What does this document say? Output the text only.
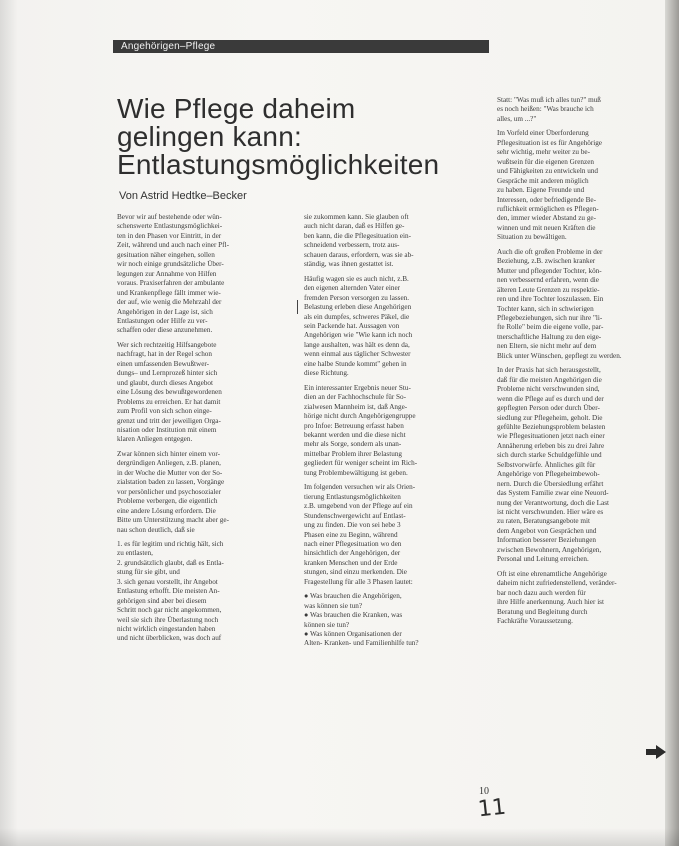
Angehörigen–Pflege
Wie Pflege daheim
gelingen kann:
Entlastungsmöglichkeiten
Von Astrid Hedtke–Becker

Bevor wir auf bestehende oder wün-
schenswerte Entlastungsmöglichkei-
ten in den Phasen vor Eintritt, in der
Zeit, während und auch nach einer Pfl-
gesituation näher eingehen, sollen
wir noch einige grundsätzliche Über-
legungen zur Annahme von Hilfen
voraus. Praxiserfahren der ambulante
und Krankenpflege fällt immer wie-
der auf, wie wenig die Mehrzahl der
Angehörigen in der Lage ist, sich
Entlastungen oder Hilfe zu ver-
schaffen oder diese anzunehmen.

Wer sich rechtzeitig Hilfsangebote
nachfragt, hat in der Regel schon
einen umfassenden Bewußtwer-
dungs– und Lernprozeß hinter sich
und glaubt, durch dieses Angebot
eine Lösung des bewußtgewordenen
Problems zu erreichen. Er hat damit
zum Profil von sich schon einge-
grenzt und tritt der jeweiligen Orga-
nisation oder Institution mit einem
klaren Anliegen entgegen.

Zwar können sich hinter einem vor-
dergründigen Anliegen, z.B. planen,
in der Woche die Mutter von der So-
zialstation baden zu lassen, Vorgänge
vor persönlicher und psychosozialer
Probleme verbergen, die eigentlich
eine andere Lösung erfordern. Die
Bitte um Unterstützung macht aber ge-
nau schon deutlich, daß sie

1. es für legitim und richtig hält, sich
zu entlasten,
2. grundsätzlich glaubt, daß es Entla-
stung für sie gibt, und
3. sich genau vorstellt, ihr Angebot
Entlastung erhofft. Die meisten An-
gehörigen sind aber bei diesem
Schritt noch gar nicht angekommen,
weil sie sich ihre Überlastung noch
nicht wirklich eingestanden haben
und nicht überblicken, was doch auf

sie zukommen kann. Sie glauben oft
auch nicht daran, daß es Hilfen ge-
ben kann, die die Pflegesituation ein-
schneidend verbessern, trotz aus-
schauen daraus, erfordern, was sie ab-
ständig, was ihnen gestattet ist.

Häufig wagen sie es auch nicht, z.B.
den eigenen alternden Vater einer
fremden Person versorgen zu lassen.
Belastung erleben diese Angehörigen
als ein dumpfes, schweres Päkel, die
sein Packende hat. Aussagen von
Angehörigen wie "Wie kann ich noch
lange aushalten, was hält es denn da,
wenn einmal aus täglicher Schwester
eine halbe Stunde kommt" gehen in
diese Richtung.

Ein interessanter Ergebnis neuer Stu-
dien an der Fachhochschule für So-
zialwesen Mannheim ist, daß Ange-
hörige nicht durch Angehörigengruppe
pro Infoe: Betreuung erfasst haben
bekannt werden und die diese nicht
mehr als Sorge, sondern als unan-
mittelbar Problem ihrer Belastung
gegliedert für weniger scheint im Rich-
tung Problembewältigung ist geben.

Im folgenden versuchen wir als Orien-
tierung Entlastungsmöglichkeiten
z.B. umgebend von der Pflege auf ein
Stundenschwergewicht auf Entlast-
ung zu finden. Die von sei hebe 3
Phasen eine zu Beginn, während
nach einer Pflegesituation wo den
hinsichtlich der Angehörigen, der
kranken Menschen und der Erde
stungen, sind einzu merkenden. Die
Fragestellung für alle 3 Phasen lautet:

● Was brauchen die Angehörigen,
was können sie tun?
● Was brauchen die Kranken, was
können sie tun?
● Was können Organisationen der
Alten- Kranken- und Familienhilfe tun?

Statt: "Was muß ich alles tun?" muß
es noch heißen: "Was brauche ich
alles, um ...?"

Im Vorfeld einer Überforderung
Pflegesituation ist es für Angehörige
sehr wichtig, mehr weiter zu be-
wußtsein für die eigenen Grenzen
und Fähigkeiten zu entwickeln und
Gespräche mit anderen möglich
zu haben. Eigene Freunde und
Interessen, oder befriedigende Be-
ruflichkeit ermöglichen es Pflegen-
den, immer wieder Abstand zu ge-
winnen und mit neuen Kräften die
Situation zu bewältigen.

Auch die oft großen Probleme in der
Beziehung, z.B. zwischen kranker
Mutter und pflegender Tochter, kön-
nen verbessernd erfahren, wenn die
älteren Leute Grenzen zu respektie-
ren und ihre Tochter loszulassen. Ein
Tochter kann, sich in schwierigen
Pflegebeziehungen, sich nur ihre "li-
fte Rolle" beim die eigene volle, par-
tnerschaftliche Haltung zu den eige-
nen Eltern, sie nicht mehr auf dem
Blick unter Wünschen, gepflegt zu werden.

In der Praxis hat sich herausgestellt,
daß für die meisten Angehörigen die
Probleme nicht verschwunden sind,
wenn die Pflege auf es durch und der
gepflegten Person oder durch Über-
siedlung zur Pflegeheim, geholt. Die
gefühlte Beziehungsproblem belasten
wie Pflegesituationen jetzt nach einer
Annäherung erleben bis zu drei Jahre
sich durch starke Schuldgefühle und
Selbstvorwürfe. Ähnliches gilt für
Angehörige von Pflegeheimbewoh-
nern. Durch die Übersiedlung erfährt
das System Familie zwar eine Neuord-
nung der Verantwortung, doch die Last
ist nicht verschwunden. Hier wäre es
zu raten, Beratungsangebote mit
dem Angebot von Gesprächen und
Information besserer Beziehungen
zwischen Bewohnern, Angehörigen,
Personal und Leitung erreichen.

Oft ist eine ehrenamtliche Angehörige
daheim nicht zufriedenstellend, veränder-
bar noch dazu auch werden für
ihre Hilfe anerkennung. Auch hier ist
Beratung und Begleitung durch
Fachkräfte Voraussetzung.

10
11
